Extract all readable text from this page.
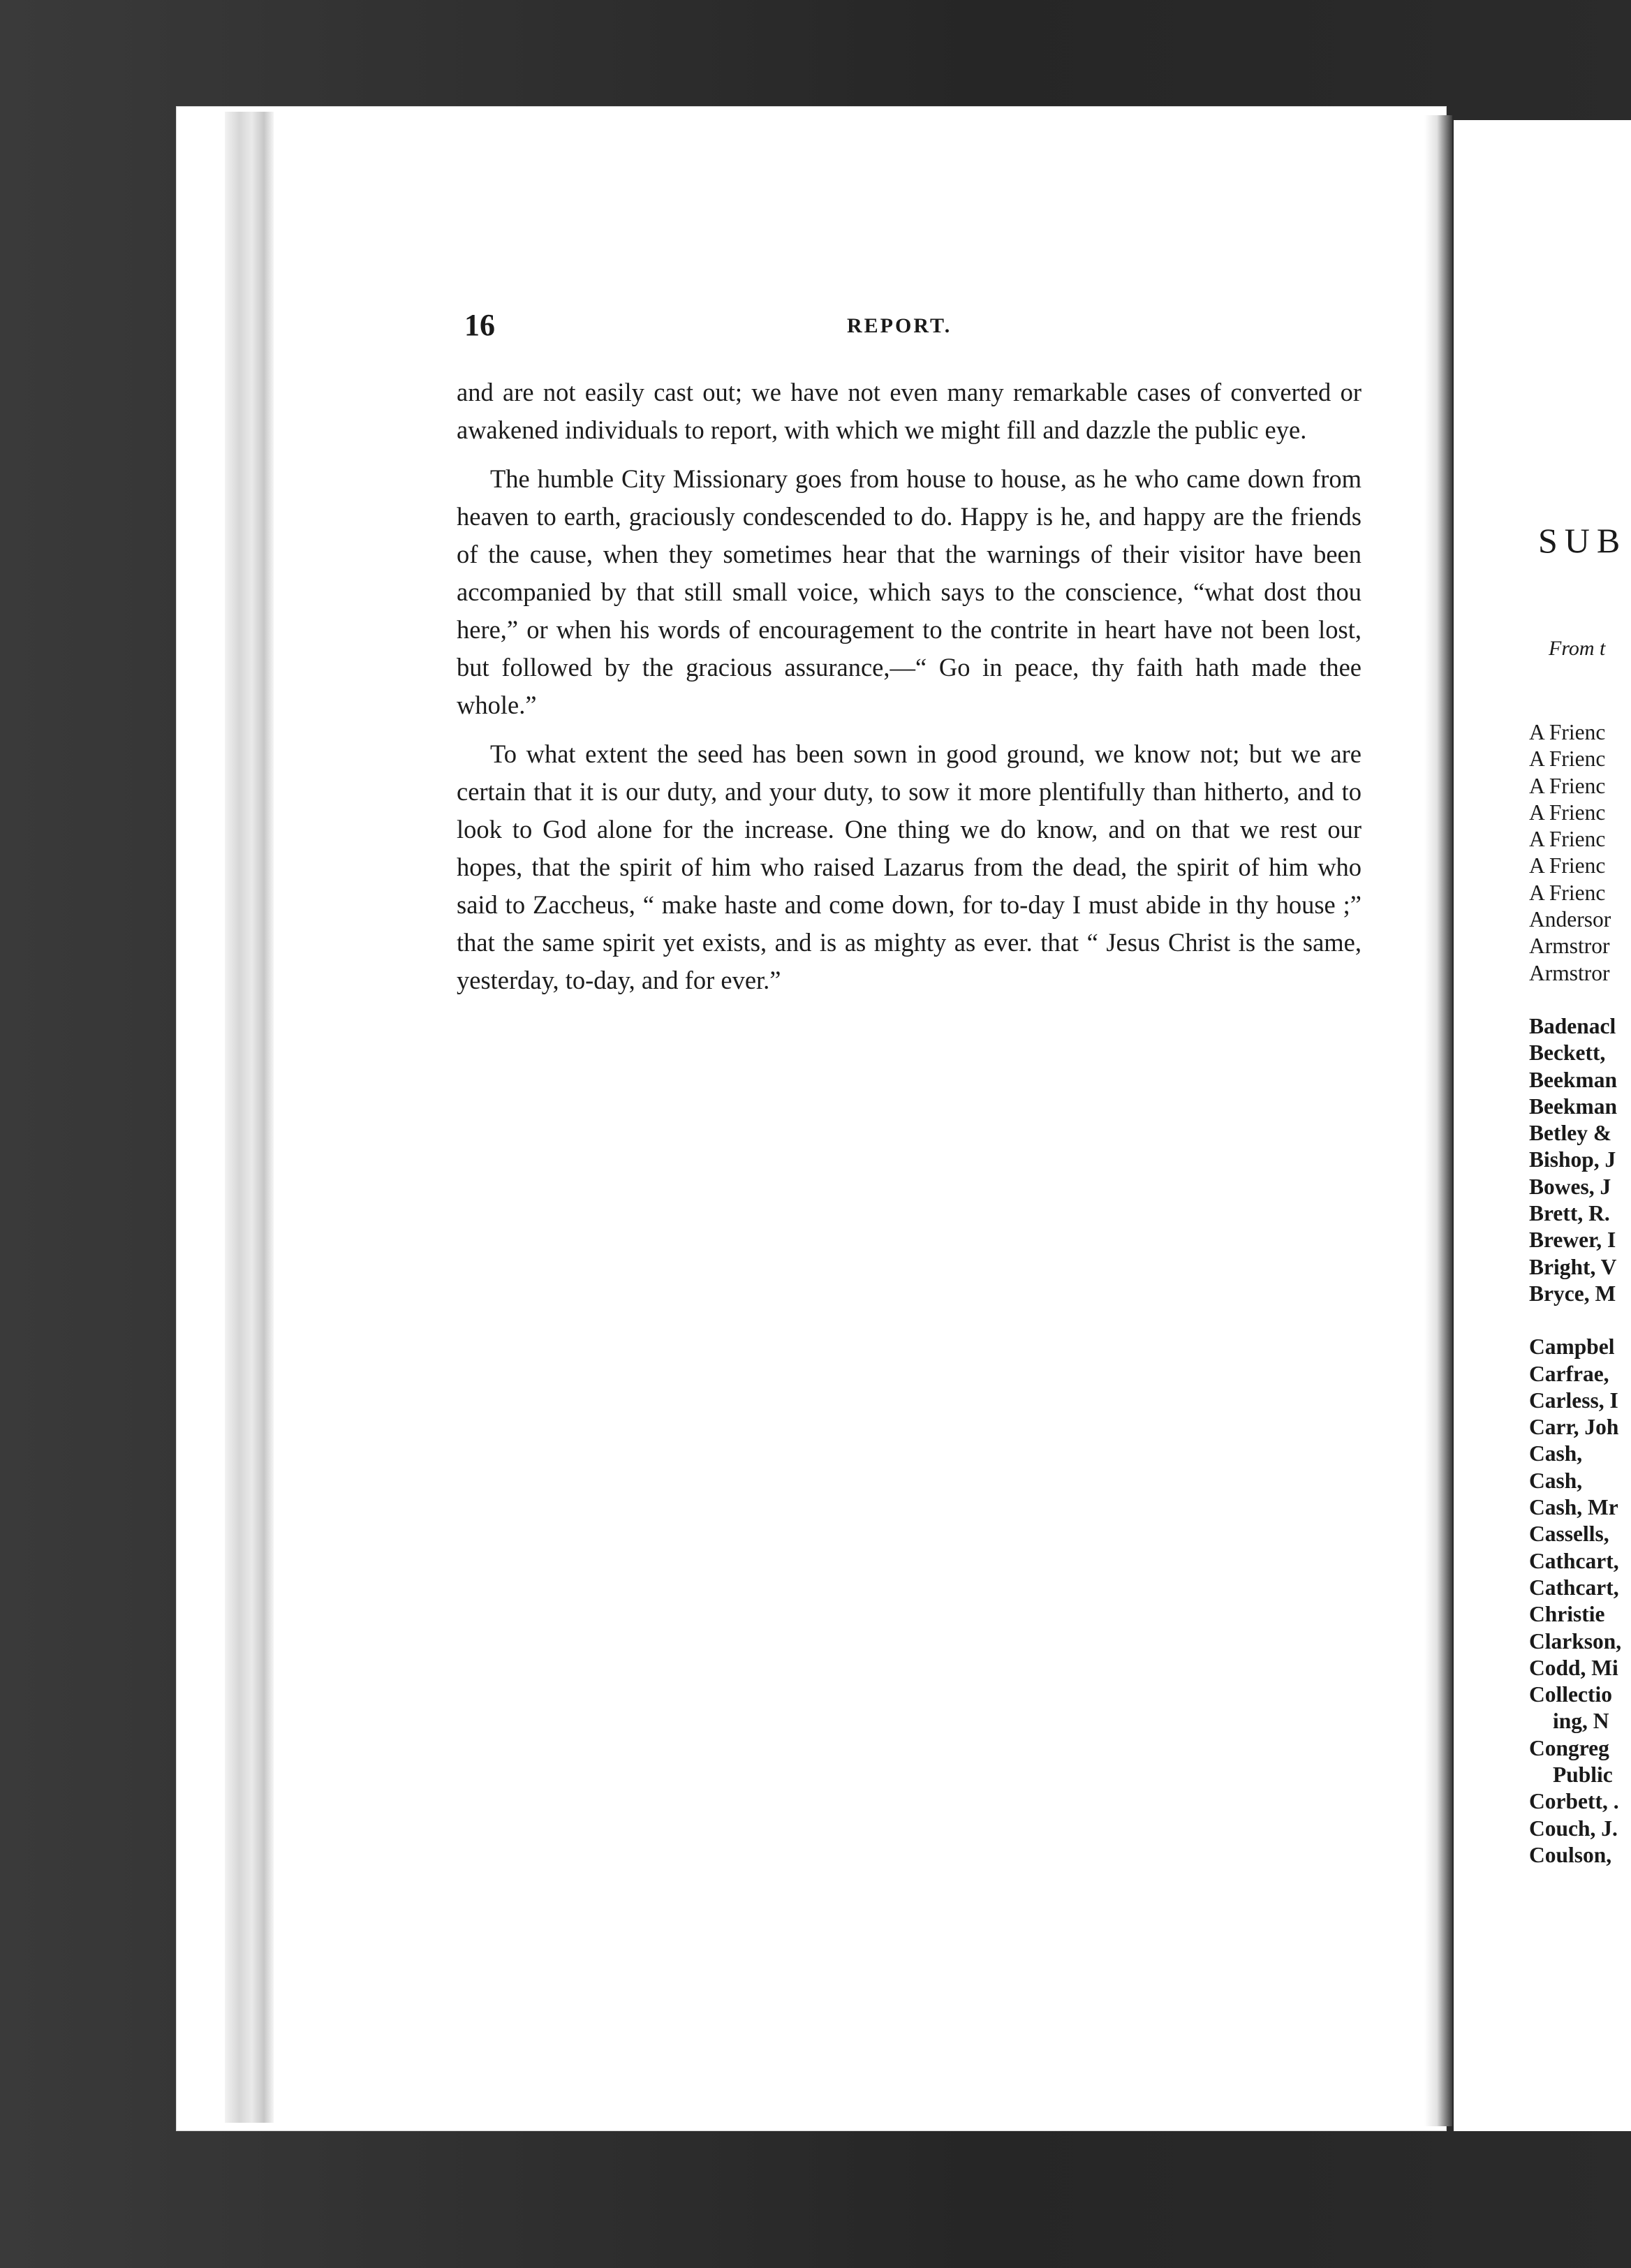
16	REPORT.

and are not easily cast out; we have not even many remarkable cases of converted or awakened individuals to report, with which we might fill and dazzle the public eye.

The humble City Missionary goes from house to house, as he who came down from heaven to earth, graciously condescended to do. Happy is he, and happy are the friends of the cause, when they sometimes hear that the warnings of their visitor have been accompanied by that still small voice, which says to the conscience, “what dost thou here,” or when his words of encouragement to the contrite in heart have not been lost, but followed by the gracious assurance,—“ Go in peace, thy faith hath made thee whole.”

To what extent the seed has been sown in good ground, we know not; but we are certain that it is our duty, and your duty, to sow it more plentifully than hitherto, and to look to God alone for the increase. One thing we do know, and on that we rest our hopes, that the spirit of him who raised Lazarus from the dead, the spirit of him who said to Zaccheus, “ make haste and come down, for to-day I must abide in thy house ;” that the same spirit yet exists, and is as mighty as ever. that “ Jesus Christ is the same, yesterday, to-day, and for ever.”

SUB
From t
A Frienc
A Frienc
A Frienc
A Frienc
A Frienc
A Frienc
A Frienc
Andersor
Armstror
Armstror
Badenacl
Beckett,
Beekman
Beekman
Betley &
Bishop, J
Bowes, J
Brett, R.
Brewer, I
Bright, V
Bryce, M
Campbel
Carfrae,
Carless, I
Carr, Joh
Cash,
Cash,
Cash, Mr
Cassells,
Cathcart,
Cathcart,
Christie
Clarkson,
Codd, Mi
Collectio
ing, N
Congreg
Public
Corbett, .
Couch, J.
Coulson,
